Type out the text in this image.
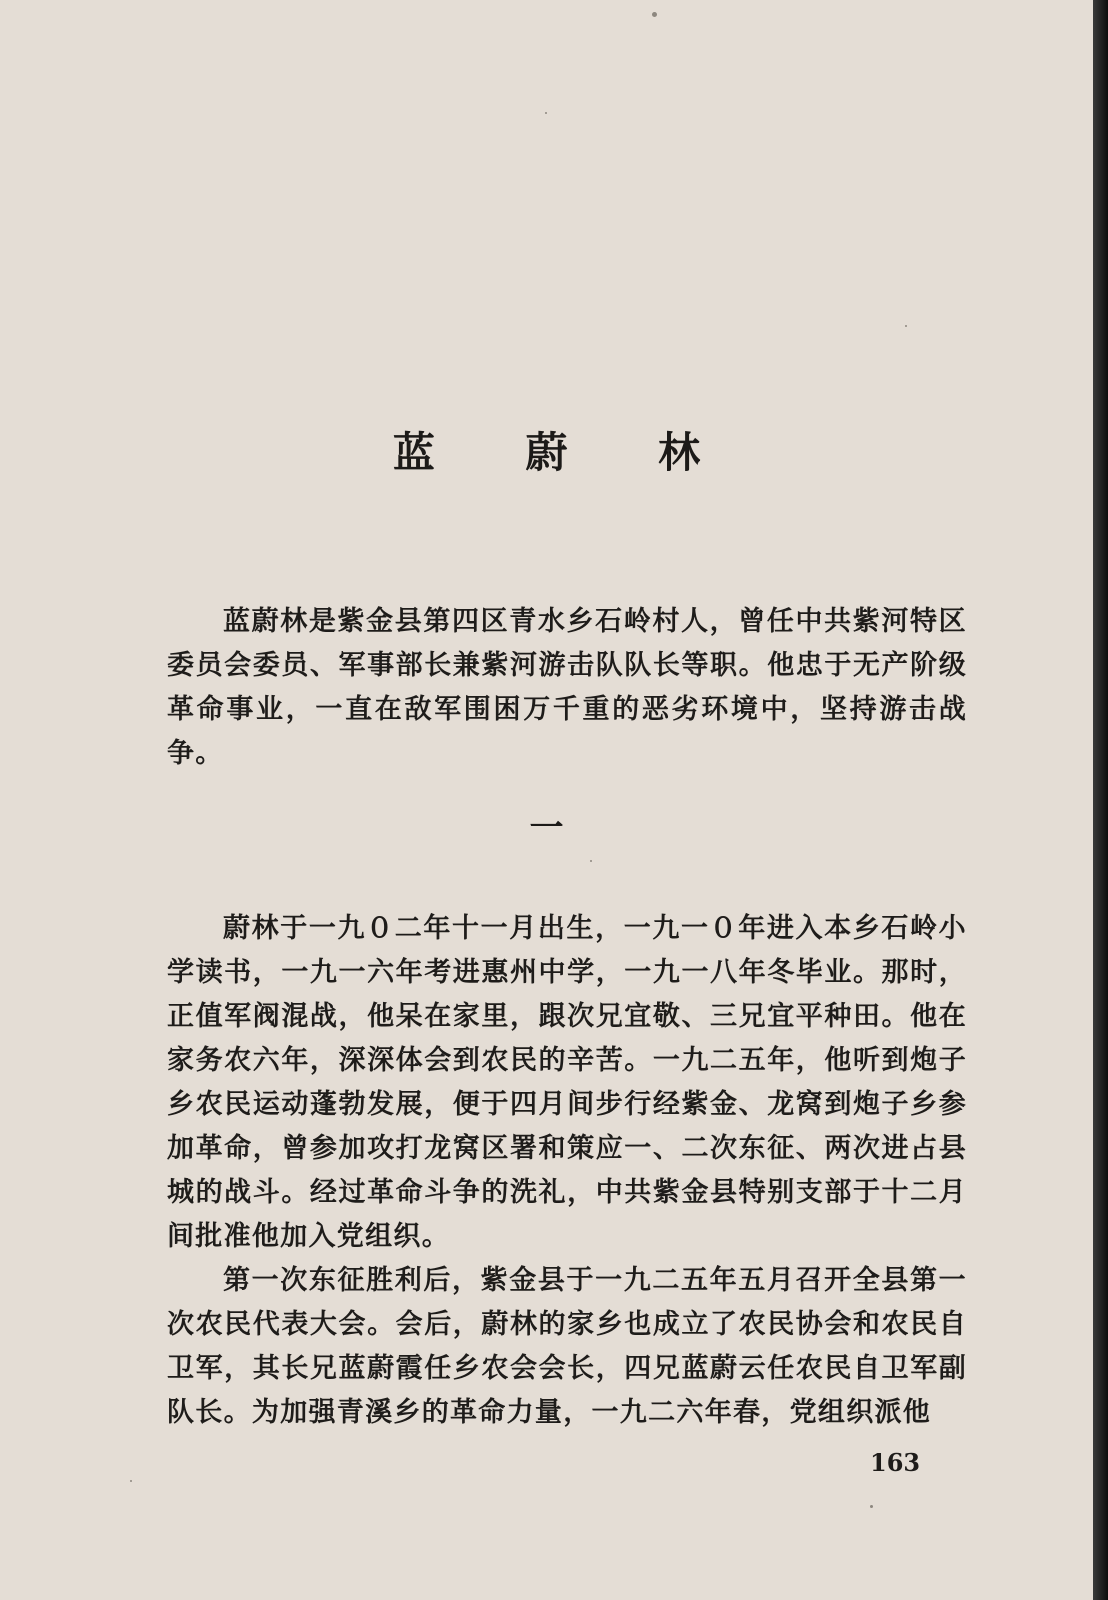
蓝 蔚 林

蓝蔚林是紫金县第四区青水乡石岭村人，曾任中共紫河特区委员会委员、军事部长兼紫河游击队队长等职。他忠于无产阶级革命事业，一直在敌军围困万千重的恶劣环境中，坚持游击战争。

一

蔚林于一九０二年十一月出生，一九一０年进入本乡石岭小学读书，一九一六年考进惠州中学，一九一八年冬毕业。那时，正值军阀混战，他呆在家里，跟次兄宜敬、三兄宜平种田。他在家务农六年，深深体会到农民的辛苦。一九二五年，他听到炮子乡农民运动蓬勃发展，便于四月间步行经紫金、龙窝到炮子乡参加革命，曾参加攻打龙窝区署和策应一、二次东征、两次进占县城的战斗。经过革命斗争的洗礼，中共紫金县特别支部于十二月间批准他加入党组织。

第一次东征胜利后，紫金县于一九二五年五月召开全县第一次农民代表大会。会后，蔚林的家乡也成立了农民协会和农民自卫军，其长兄蓝蔚霞任乡农会会长，四兄蓝蔚云任农民自卫军副队长。为加强青溪乡的革命力量，一九二六年春，党组织派他

163
